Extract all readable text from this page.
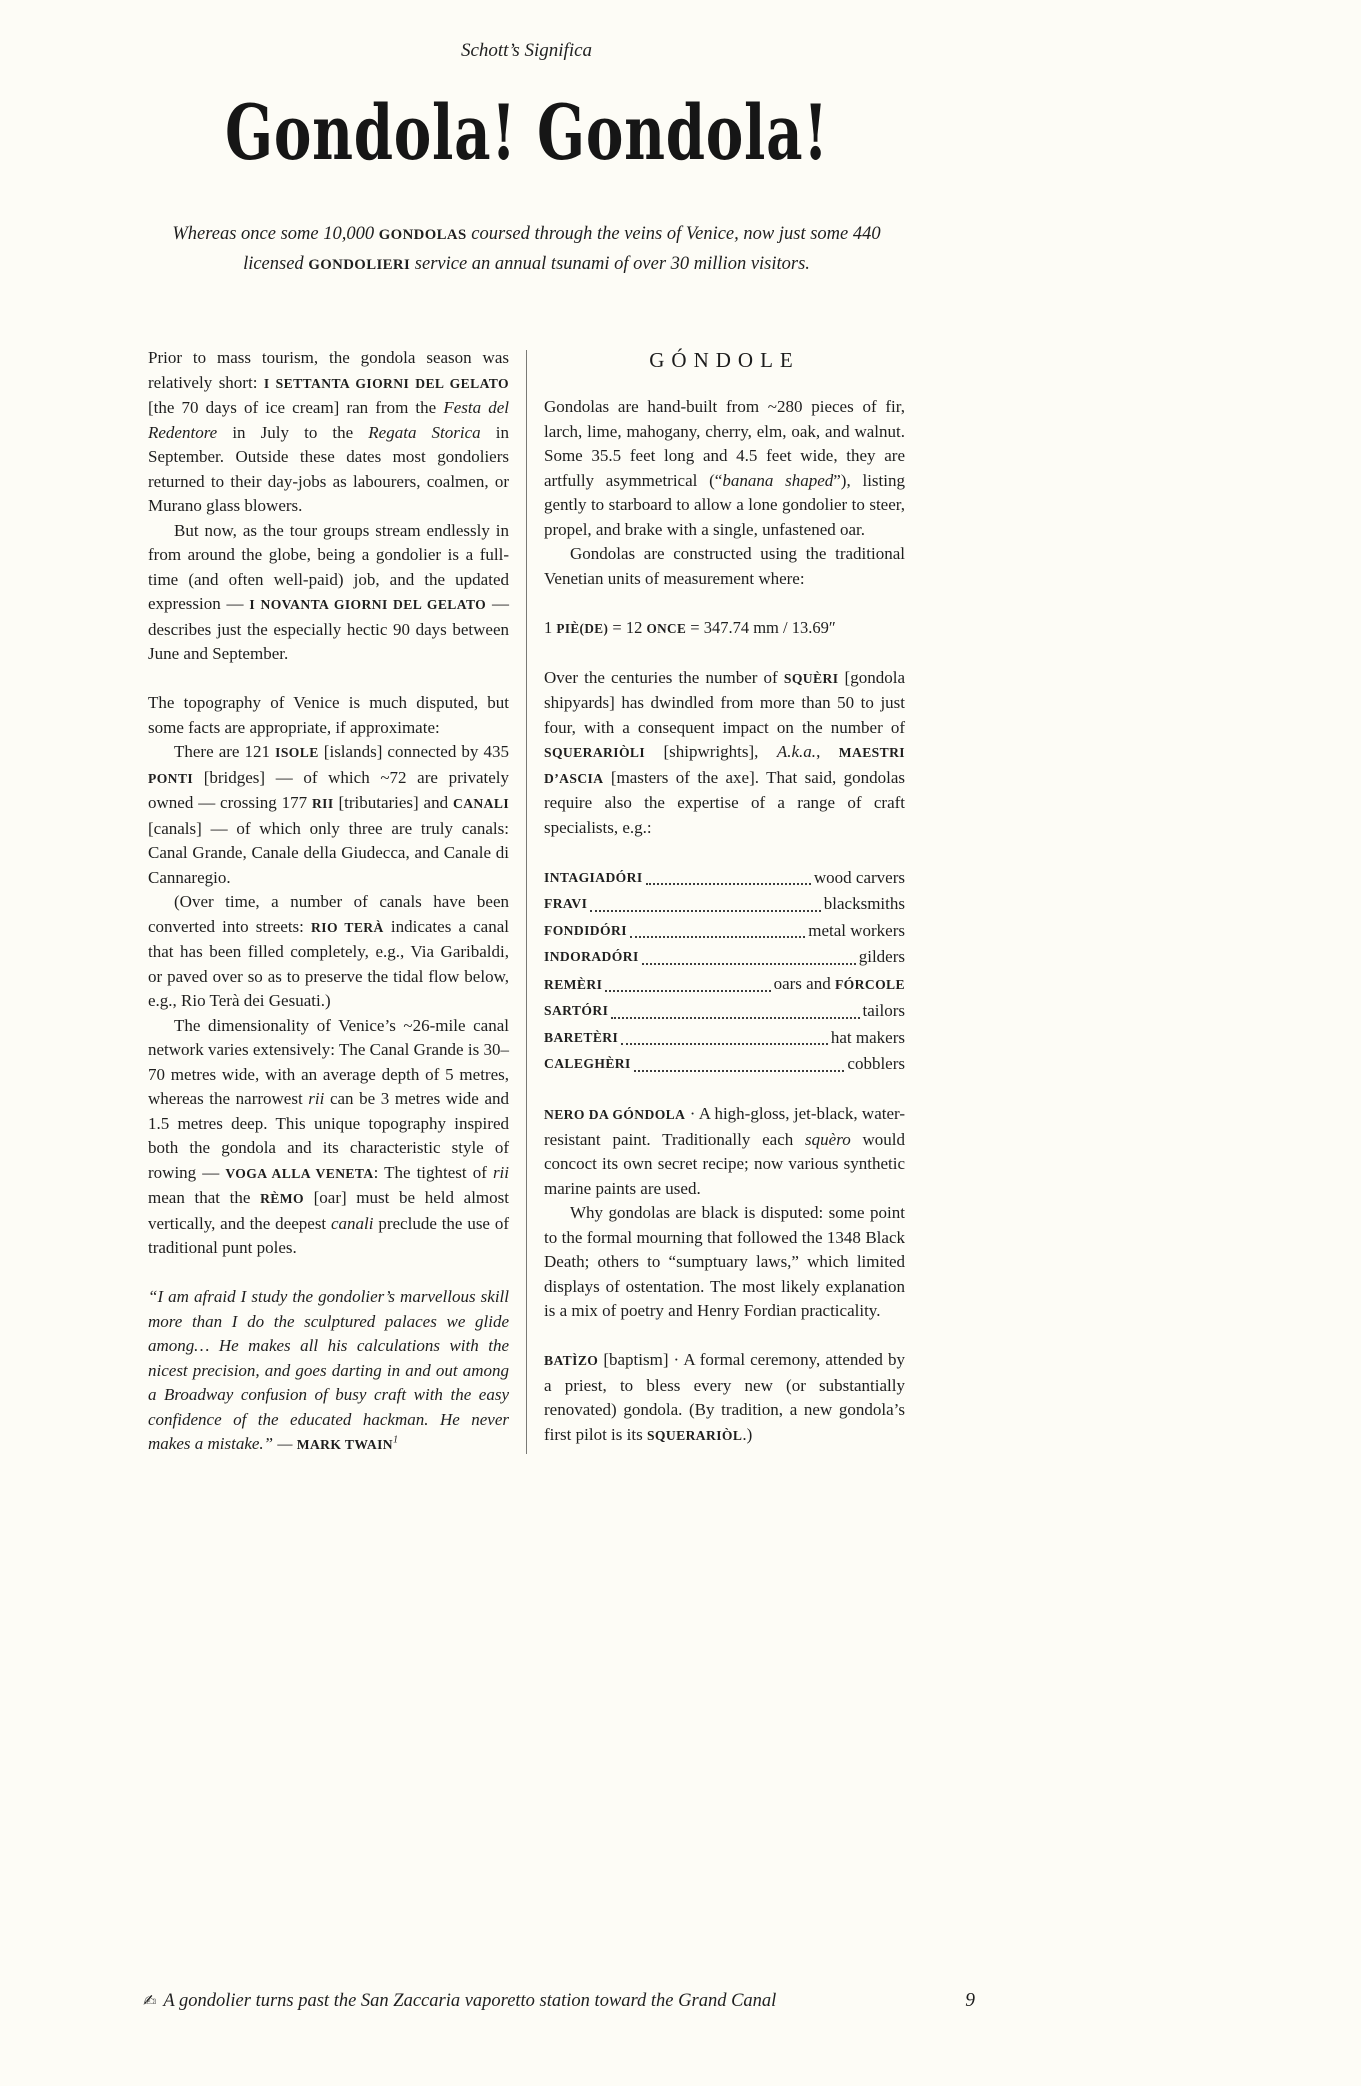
Schott’s Significa
Gondola! Gondola!

Whereas once some 10,000 GONDOLAS coursed through the veins of Venice, now just some 440 licensed GONDOLIERI service an annual tsunami of over 30 million visitors.

Prior to mass tourism, the gondola season was relatively short: I SETTANTA GIORNI DEL GELATO [the 70 days of ice cream] ran from the Festa del Redentore in July to the Regata Storica in September. Outside these dates most gondoliers returned to their day-jobs as labourers, coalmen, or Murano glass blowers.

But now, as the tour groups stream endlessly in from around the globe, being a gondolier is a full-time (and often well-paid) job, and the updated expression — I NOVANTA GIORNI DEL GELATO — describes just the especially hectic 90 days between June and September.

The topography of Venice is much disputed, but some facts are appropriate, if approximate:

There are 121 ISOLE [islands] connected by 435 PONTI [bridges] — of which ~72 are privately owned — crossing 177 RII [tributaries] and CANALI [canals] — of which only three are truly canals: Canal Grande, Canale della Giudecca, and Canale di Cannaregio.

(Over time, a number of canals have been converted into streets: RIO TERÀ indicates a canal that has been filled completely, e.g., Via Garibaldi, or paved over so as to preserve the tidal flow below, e.g., Rio Terà dei Gesuati.)

The dimensionality of Venice’s ~26-mile canal network varies extensively: The Canal Grande is 30–70 metres wide, with an average depth of 5 metres, whereas the narrowest rii can be 3 metres wide and 1.5 metres deep. This unique topography inspired both the gondola and its characteristic style of rowing — VOGA ALLA VENETA: The tightest of rii mean that the RÈMO [oar] must be held almost vertically, and the deepest canali preclude the use of traditional punt poles.

“I am afraid I study the gondolier’s marvellous skill more than I do the sculptured palaces we glide among… He makes all his calculations with the nicest precision, and goes darting in and out among a Broadway confusion of busy craft with the easy confidence of the educated hackman. He never makes a mistake.” — MARK TWAIN$^1$

GÓNDOLE

Gondolas are hand-built from ~280 pieces of fir, larch, lime, mahogany, cherry, elm, oak, and walnut. Some 35.5 feet long and 4.5 feet wide, they are artfully asymmetrical (“banana shaped”), listing gently to starboard to allow a lone gondolier to steer, propel, and brake with a single, unfastened oar.

Gondolas are constructed using the traditional Venetian units of measurement where:

1 PIÈ(DE) = 12 ONCE = 347.74 mm / 13.69″

Over the centuries the number of SQUÈRI [gondola shipyards] has dwindled from more than 50 to just four, with a consequent impact on the number of SQUERARIÒLI [shipwrights], A.k.a., MAESTRI D’ASCIA [masters of the axe]. That said, gondolas require also the expertise of a range of craft specialists, e.g.:

INTAGIADÓRI	wood carvers
FRAVI	blacksmiths
FONDIDÓRI	metal workers
INDORADÓRI	gilders
REMÈRI	oars and FÓRCOLE
SARTÓRI	tailors
BARETÈRI	hat makers
CALEGHÈRI	cobblers

NERO DA GÓNDOLA · A high-gloss, jet-black, water-resistant paint. Traditionally each squèro would concoct its own secret recipe; now various synthetic marine paints are used.

Why gondolas are black is disputed: some point to the formal mourning that followed the 1348 Black Death; others to “sumptuary laws,” which limited displays of ostentation. The most likely explanation is a mix of poetry and Henry Fordian practicality.

BATÌZO [baptism] · A formal ceremony, attended by a priest, to bless every new (or substantially renovated) gondola. (By tradition, a new gondola’s first pilot is its SQUERARIÒL.)

✍ A gondolier turns past the San Zaccaria vaporetto station toward the Grand Canal	9
